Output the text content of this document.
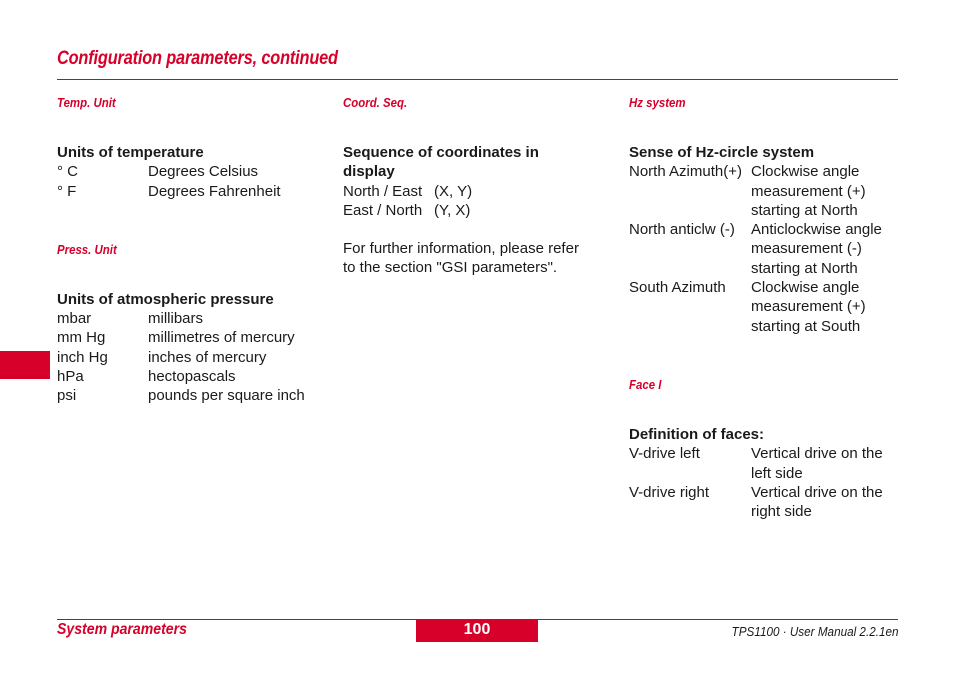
Configuration parameters, continued
Temp. Unit
Units of temperature
° C	Degrees Celsius
° F	Degrees Fahrenheit
Press. Unit
Units of atmospheric pressure
mbar	millibars
mm Hg	millimetres of mercury
inch Hg	inches of mercury
hPa	hectopascals
psi	pounds per square inch
Coord. Seq.
Sequence of coordinates in
display
North / East (X, Y)
East / North (Y, X)
For further information, please refer
to the section "GSI parameters".
Hz system
Sense of Hz-circle system
North Azimuth(+) Clockwise angle
measurement (+)
starting at North
North anticlw (-)	Anticlockwise angle
measurement (-)
starting at North
South Azimuth	Clockwise angle
measurement (+)
starting at South
Face I
Definition of faces:
V-drive left	Vertical drive on the
left side
V-drive right	Vertical drive on the
right side
System parameters	100	TPS1100 · User Manual 2.2.1en
